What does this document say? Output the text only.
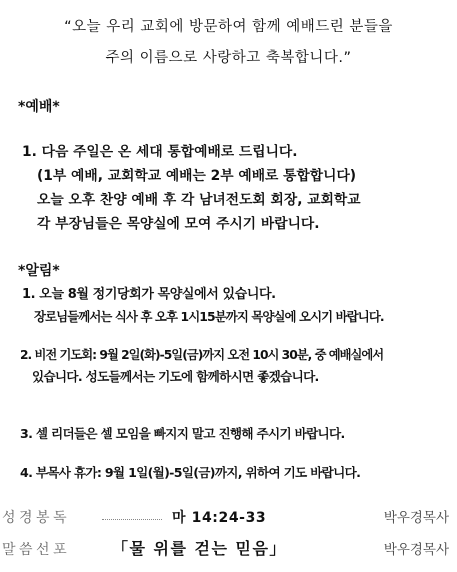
“오늘 우리 교회에 방문하여 함께 예배드린 분들을
주의 이름으로 사랑하고 축복합니다.”
*예배*
1. 다음 주일은 온 세대 통합예배로 드립니다.
(1부 예배, 교회학교 예배는 2부 예배로 통합합니다)
오늘 오후 찬양 예배 후 각 남녀전도회 회장, 교회학교
각 부장님들은 목양실에 모여 주시기 바랍니다.
*알림*
1. 오늘 8월 정기당회가 목양실에서 있습니다.
장로님들께서는 식사 후 오후 1시15분까지 목양실에 오시기 바랍니다.
2. 비전 기도회: 9월 2일(화)-5일(금)까지 오전 10시 30분, 중 예배실에서
있습니다. 성도들께서는 기도에 함께하시면 좋겠습니다.
3. 셀 리더들은 셀 모임을 빠지지 말고 진행해 주시기 바랍니다.
4. 부목사 휴가: 9월 1일(월)-5일(금)까지, 위하여 기도 바랍니다.
성경봉독	마 14:24-33	박우경목사
말씀선포	「물 위를 걷는 믿음」	박우경목사
